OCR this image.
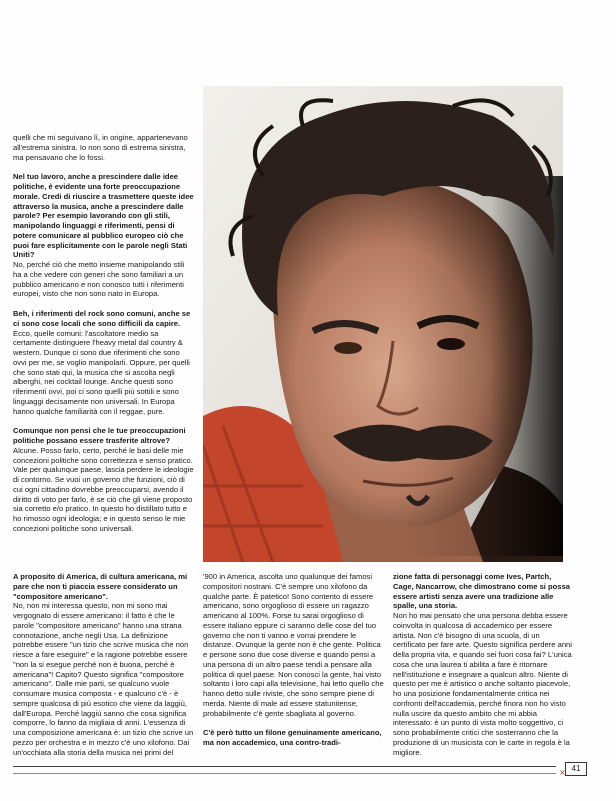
quelli che mi seguivano lì, in origine, appartenevano all'estrema sinistra. Io non sono di estrema sinistra, ma pensavano che lo fossi.

Nel tuo lavoro, anche a prescindere dalle idee politiche, è evidente una forte preoccupazione morale. Credi di riuscire a trasmettere queste idee attraverso la musica, anche a prescindere dalle parole? Per esempio lavorando con gli stili, manipolando linguaggi e riferimenti, pensi di potere comunicare al pubblico europeo ciò che puoi fare esplicitamente con le parole negli Stati Uniti?

No, perché ciò che metto insieme manipolando stili ha a che vedere con generi che sono familiari a un pubblico americano e non conosco tutti i riferimenti europei, visto che non sono nato in Europa.

Beh, i riferimenti del rock sono comuni, anche se ci sono cose locali che sono difficili da capire.

Ecco, quelle comuni: l'ascoltatore medio sa certamente distinguere l'heavy metal dal country & western. Dunque ci sono due riferimenti che sono ovvi per me, se voglio manipolarli. Oppure, per quelli che sono stati qui, la musica che si ascolta negli alberghi, nei cocktail lounge. Anche questi sono riferimenti ovvi, poi ci sono quelli più sottili e sono linguaggi decisamente non universali. In Europa hanno qualche familiarità con il reggae, pure.

Comunque non pensi che le tue preoccupazioni politiche possano essere trasferite altrove?

Alcune. Posso farlo, certo, perché le basi delle mie concezioni politiche sono correttezza e senso pratico. Vale per qualunque paese, lascia perdere le ideologie di contorno. Se vuoi un governo che funzioni, ciò di cui ogni cittadino dovrebbe preoccuparsi, avendo il diritto di voto per farlo, è se ciò che gli viene proposto sia corretto e/o pratico. In questo ho distillato tutto e ho rimosso ogni ideologia; e in questo senso le mie concezioni politiche sono universali.

A proposito di America, di cultura americana, mi pare che non ti piaccia essere considerato un "compositore americano".

No, non mi interessa questo, non mi sono mai vergognato di essere americano: il fatto è che le parole "compositore americano" hanno una strana connotazione, anche negli Usa. La definizione potrebbe essere "un tizio che scrive musica che non riesce a fare eseguire" e la ragione potrebbe essere "non la si esegue perché non è buona, perché è americana"! Capito? Questo significa "compositore americano". Dalle mie parti, se qualcuno vuole consumare musica composta - e qualcuno c'è - è sempre qualcosa di più esotico che viene da laggiù, dall'Europa. Perché laggiù sanno che cosa significa comporre, lo fanno da migliaia di anni. L'essenza di una composizione americana è: un tizio che scrive un pezzo per orchestra e in mezzo c'è uno xilofono. Dai un'occhiata alla storia della musica nei primi del

'900 in America, ascolta uno qualunque dei famosi compositori nostrani. C'è sempre uno xilofono da qualche parte. È patetico! Sono contento di essere americano, sono orgoglioso di essere un ragazzo americano al 100%. Forse tu sarai orgoglioso di essere italiano eppure ci saranno delle cose del tuo governo che non ti vanno e vorrai prendere le distanze. Ovunque la gente non è che gente. Politica e persone sono due cose diverse e quando pensi a una persona di un altro paese tendi a pensare alla politica di quel paese. Non conosci la gente, hai visto soltanto i loro capi alla televisione, hai letto quello che hanno detto sulle riviste, che sono sempre piene di merda. Niente di male ad essere statunitense, probabilmente c'è gente sbagliata al governo.

C'è però tutto un filone genuinamente americano, ma non accademico, una contro-tradi-

zione fatta di personaggi come Ives, Partch, Cage, Nancarrow, che dimostrano come si possa essere artisti senza avere una tradizione alle spalle, una storia.

Non ho mai pensato che una persona debba essere coinvolta in qualcosa di accademico per essere artista. Non c'è bisogno di una scuola, di un certificato per fare arte. Questo significa perdere anni della propria vita, e quando sei fuori cosa fai? L'unica cosa che una laurea ti abilita a fare è ritornare nell'istituzione e insegnare a qualcun altro. Niente di questo per me è artistico o anche soltanto piacevole, ho una posizione fondamentalmente critica nei confronti dell'accademia, perché finora non ho visto nulla uscire da questo ambito che mi abbia interessato: è un punto di vista molto soggettivo, ci sono probabilmente critici che sosterranno che la produzione di un musicista con le carte in regola è la migliore.

⨯ 41
